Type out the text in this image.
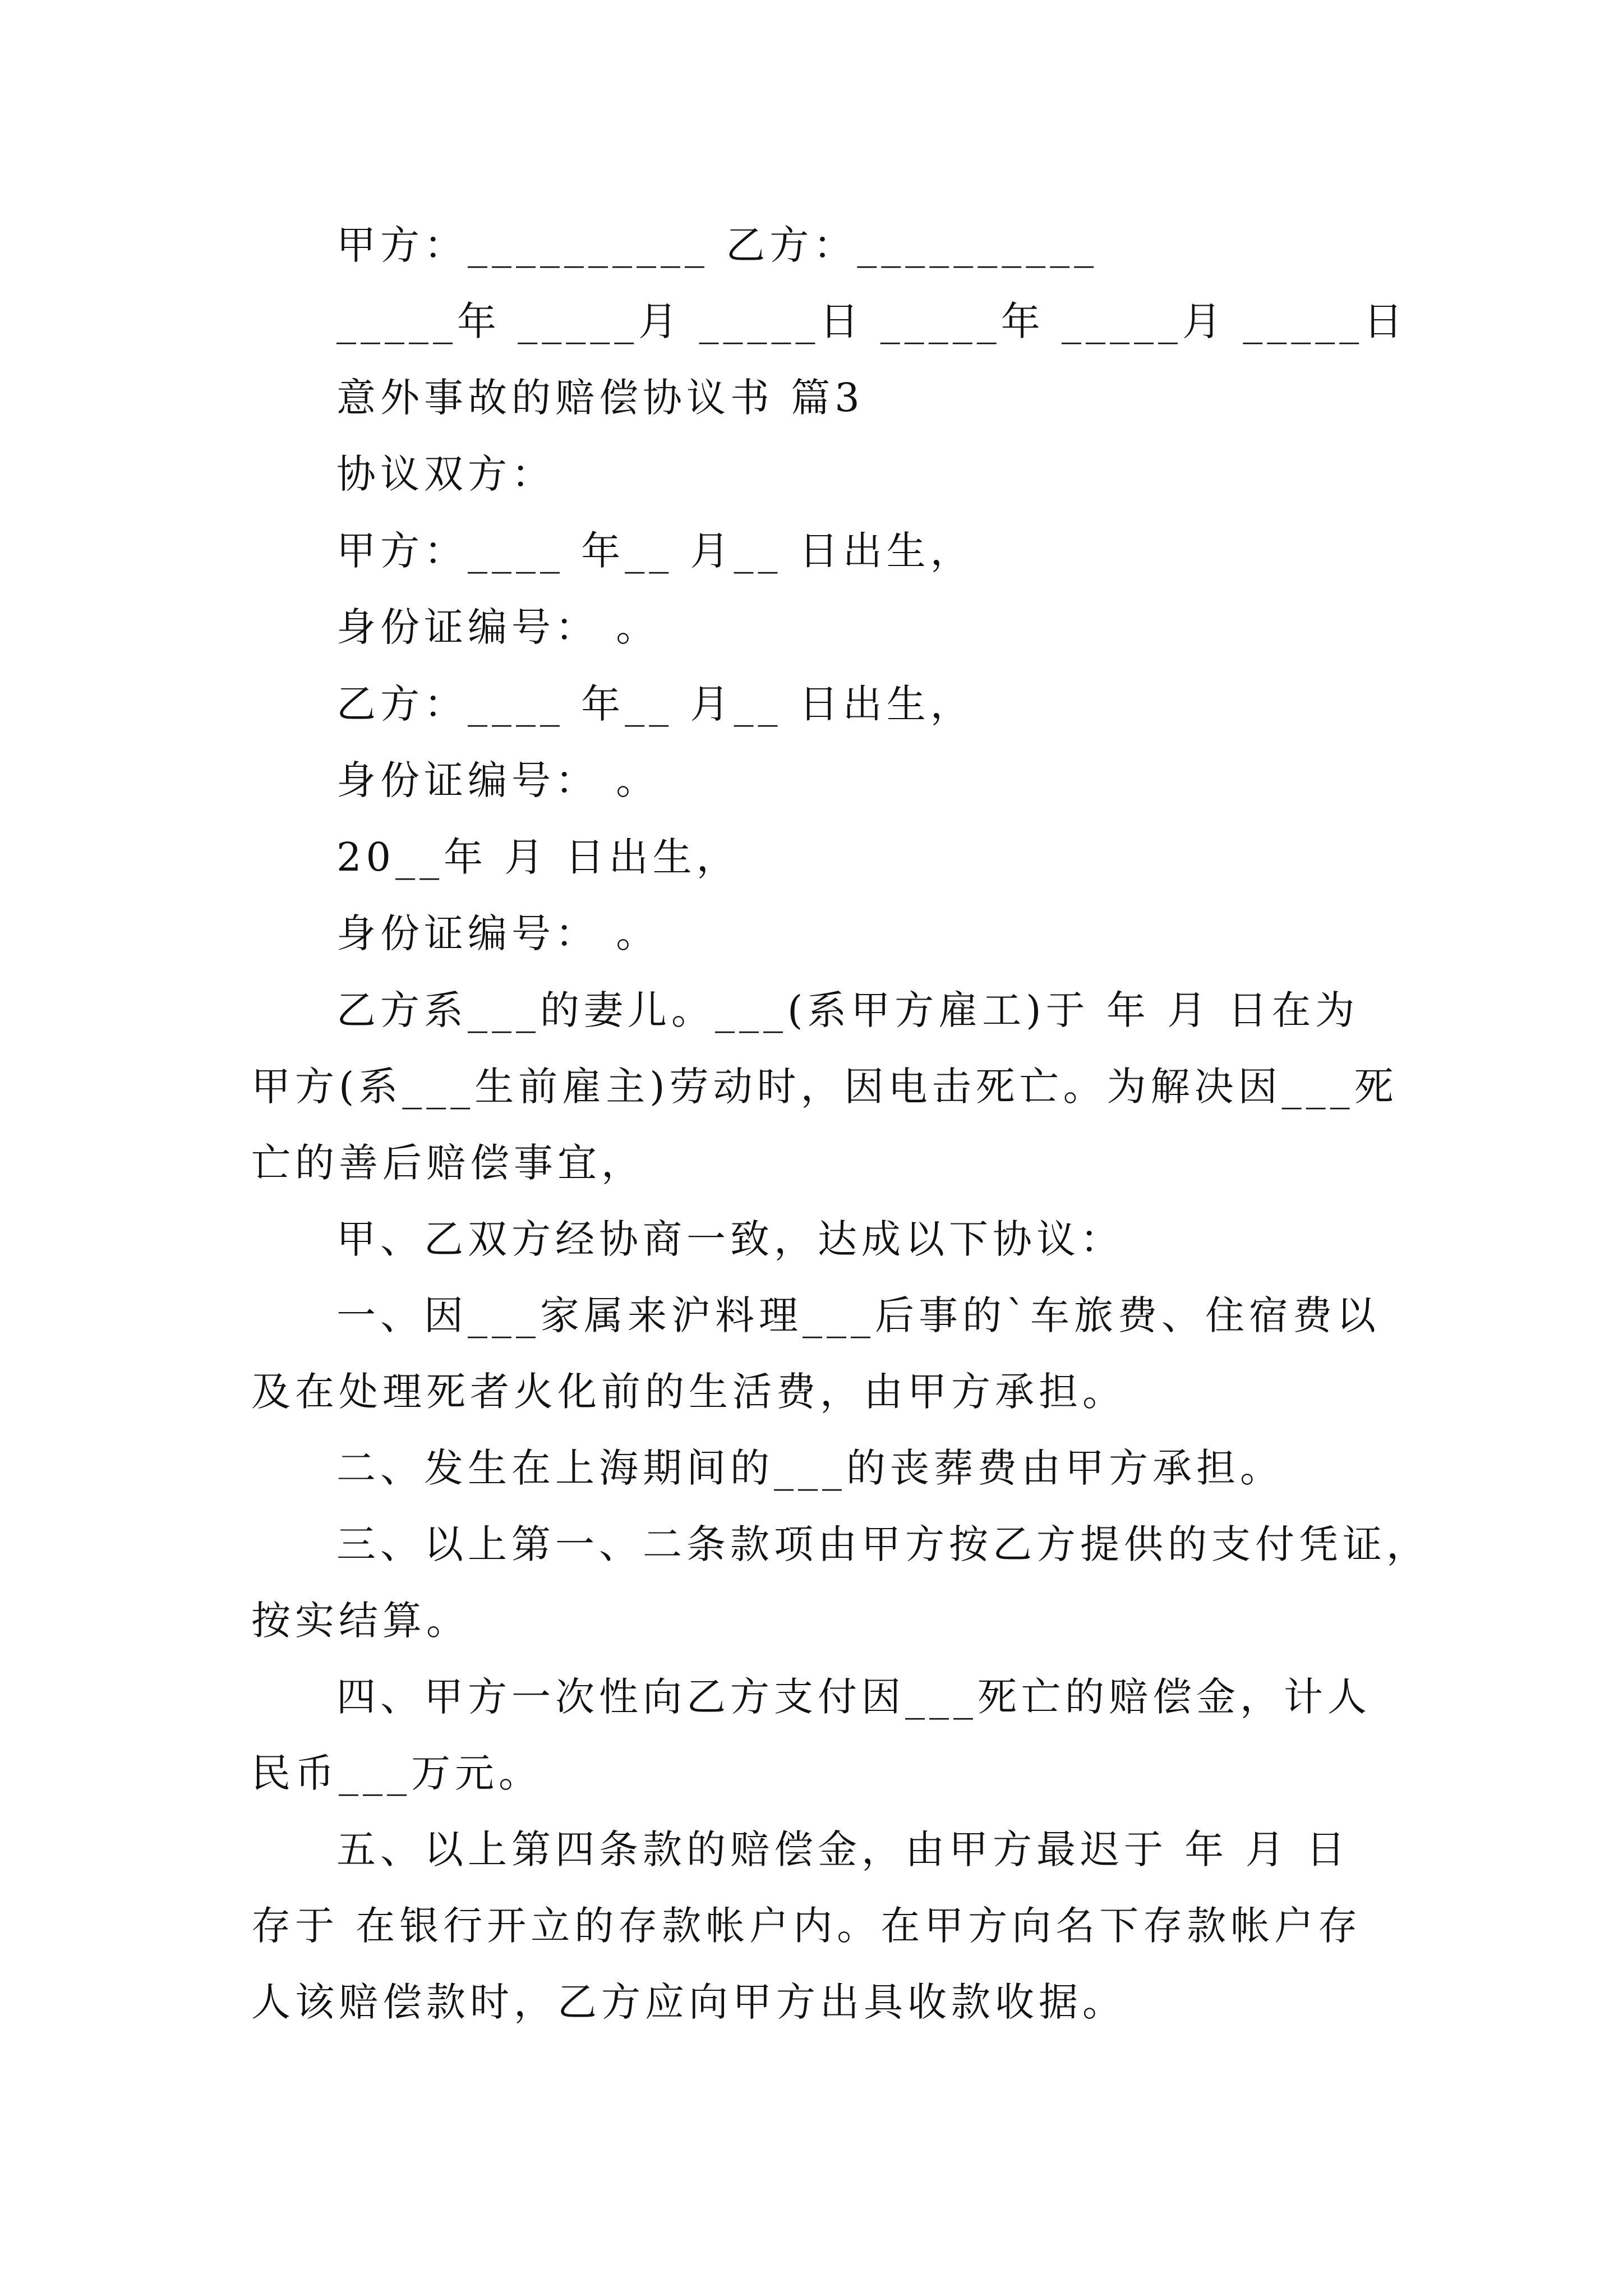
甲方：__________ 乙方：__________
_____年 _____月 _____日 _____年 _____月 _____日
意外事故的赔偿协议书 篇3
协议双方：
甲方：____ 年__ 月__ 日出生，
身份证编号： 。
乙方：____ 年__ 月__ 日出生，
身份证编号： 。
20__年 月 日出生，
身份证编号： 。
乙方系___的妻儿。___(系甲方雇工)于 年 月 日在为
甲方(系___生前雇主)劳动时，因电击死亡。为解决因___死
亡的善后赔偿事宜，
甲、乙双方经协商一致，达成以下协议：
一、因___家属来沪料理___后事的`车旅费、住宿费以
及在处理死者火化前的生活费，由甲方承担。
二、发生在上海期间的___的丧葬费由甲方承担。
三、以上第一、二条款项由甲方按乙方提供的支付凭证，
按实结算。
四、甲方一次性向乙方支付因___死亡的赔偿金，计人
民币___万元。
五、以上第四条款的赔偿金，由甲方最迟于 年 月 日
存于 在银行开立的存款帐户内。在甲方向名下存款帐户存
人该赔偿款时，乙方应向甲方出具收款收据。
